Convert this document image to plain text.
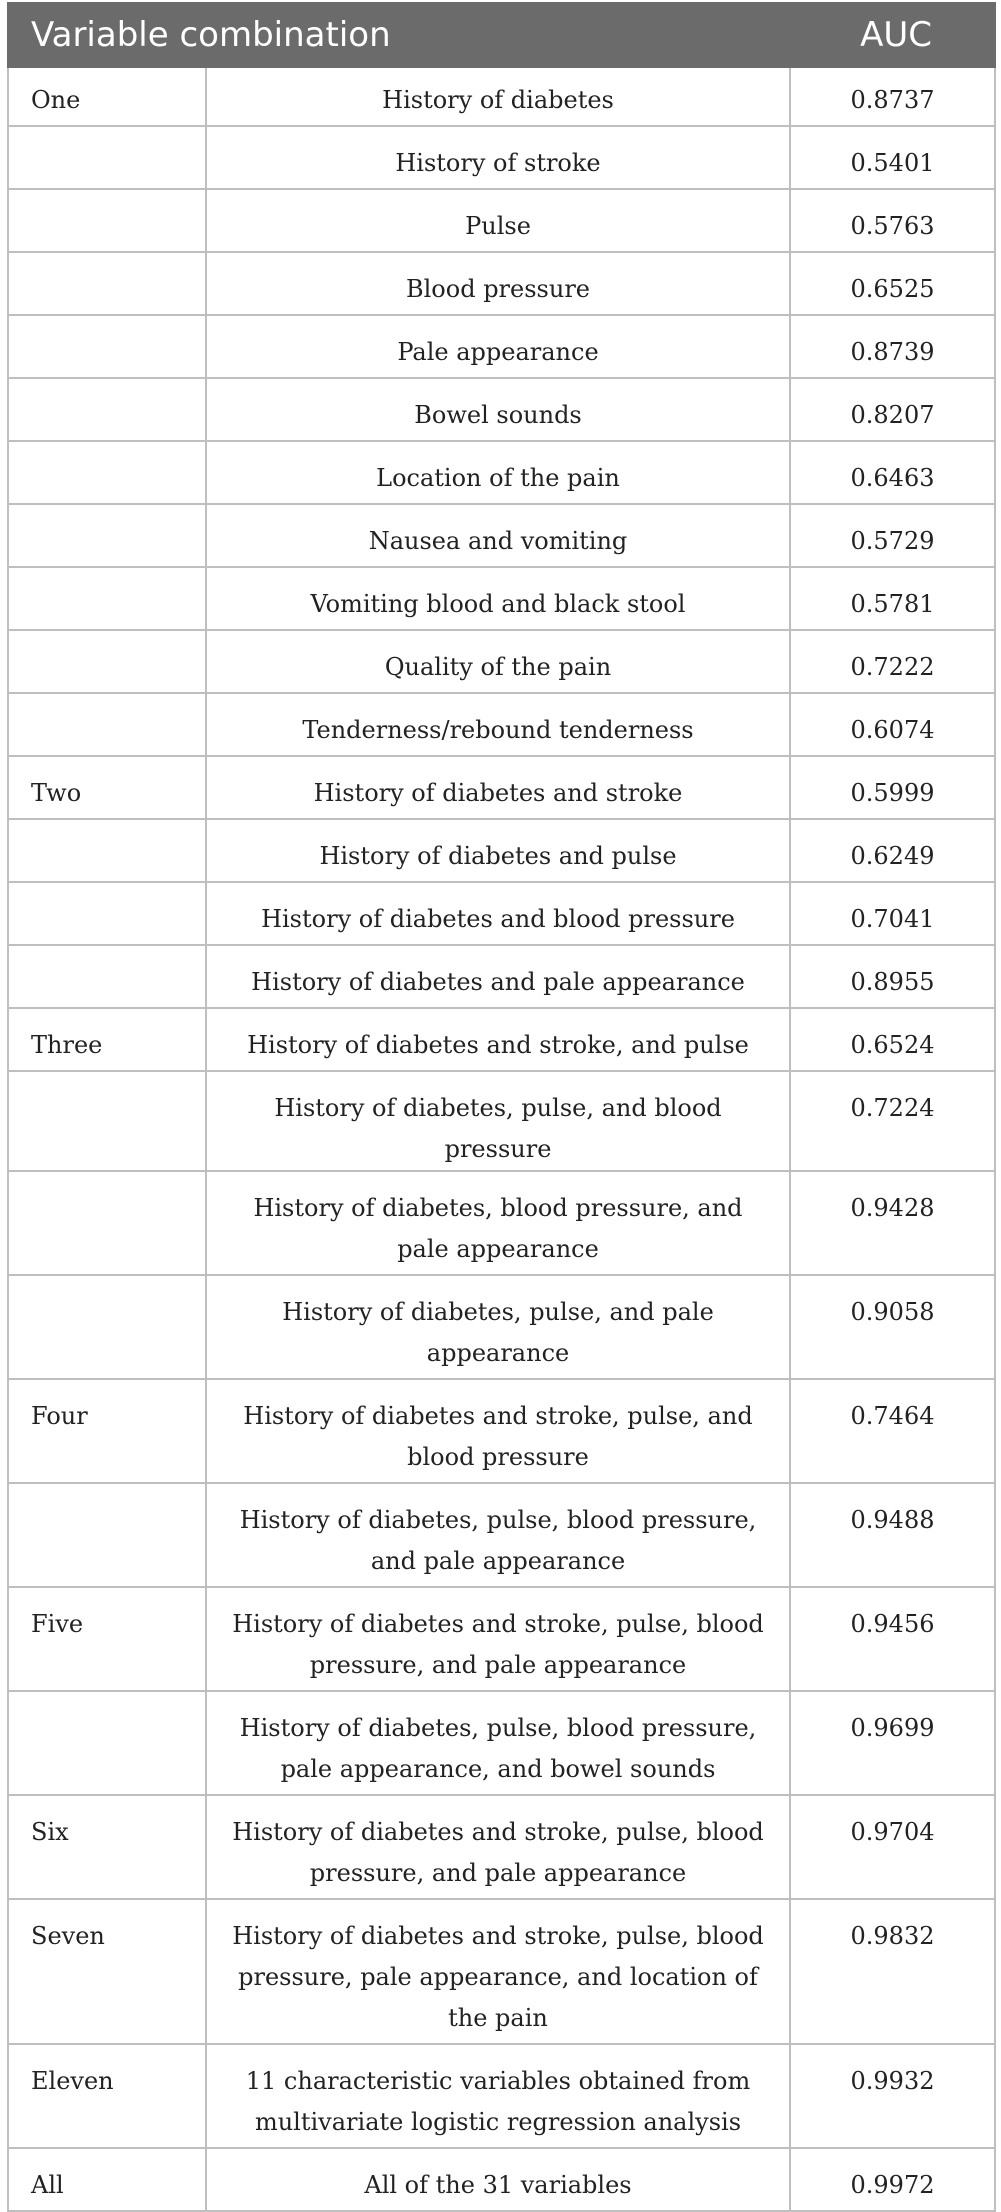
Variable combination		AUC
One	History of diabetes	0.8737
	History of stroke	0.5401
	Pulse	0.5763
	Blood pressure	0.6525
	Pale appearance	0.8739
	Bowel sounds	0.8207
	Location of the pain	0.6463
	Nausea and vomiting	0.5729
	Vomiting blood and black stool	0.5781
	Quality of the pain	0.7222
	Tenderness/rebound tenderness	0.6074
Two	History of diabetes and stroke	0.5999
	History of diabetes and pulse	0.6249
	History of diabetes and blood pressure	0.7041
	History of diabetes and pale appearance	0.8955
Three	History of diabetes and stroke, and pulse	0.6524
	History of diabetes, pulse, and blood pressure	0.7224
	History of diabetes, blood pressure, and pale appearance	0.9428
	History of diabetes, pulse, and pale appearance	0.9058
Four	History of diabetes and stroke, pulse, and blood pressure	0.7464
	History of diabetes, pulse, blood pressure, and pale appearance	0.9488
Five	History of diabetes and stroke, pulse, blood pressure, and pale appearance	0.9456
	History of diabetes, pulse, blood pressure, pale appearance, and bowel sounds	0.9699
Six	History of diabetes and stroke, pulse, blood pressure, and pale appearance	0.9704
Seven	History of diabetes and stroke, pulse, blood pressure, pale appearance, and location of the pain	0.9832
Eleven	11 characteristic variables obtained from multivariate logistic regression analysis	0.9932
All	All of the 31 variables	0.9972
